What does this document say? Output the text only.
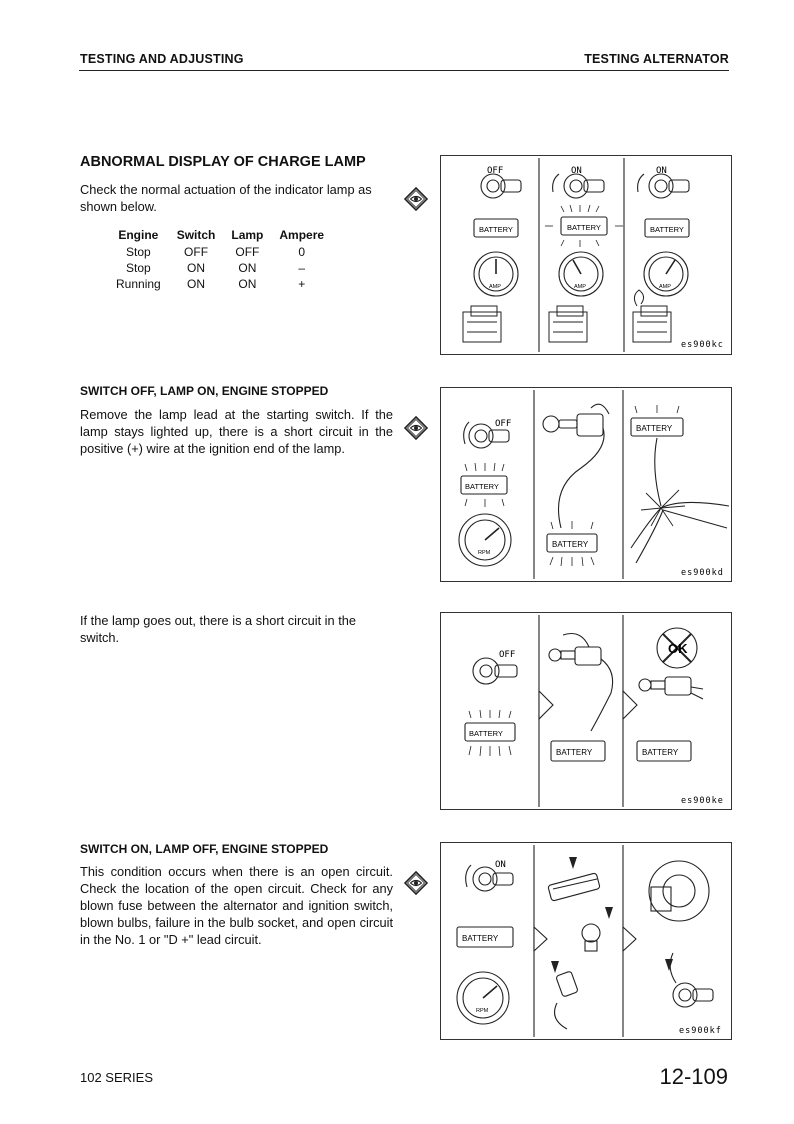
TESTING AND ADJUSTING	TESTING ALTERNATOR
ABNORMAL DISPLAY OF CHARGE LAMP
Check the normal actuation of the indicator lamp as shown below.
Engine	Switch	Lamp	Ampere
Stop	OFF	OFF	0
Stop	ON	ON	–
Running	ON	ON	+
OFF	ON	ON
BATTERY	BATTERY	BATTERY
AMP	AMP	AMP
es900kc
SWITCH OFF, LAMP ON, ENGINE STOPPED
Remove the lamp lead at the starting switch. If the lamp stays lighted up, there is a short circuit in the positive (+) wire at the ignition end of the lamp.
OFF
BATTERY
BATTERY
BATTERY
RPM
es900kd
If the lamp goes out, there is a short circuit in the switch.
OFF
BATTERY
BATTERY	BATTERY
OK
es900ke
SWITCH ON, LAMP OFF, ENGINE STOPPED
This condition occurs when there is an open circuit. Check the location of the open circuit. Check for any blown fuse between the alternator and ignition switch, blown bulbs, failure in the bulb socket, and open circuit in the No. 1 or "D +" lead circuit.
ON
BATTERY
RPM
es900kf
102 SERIES	12-109
